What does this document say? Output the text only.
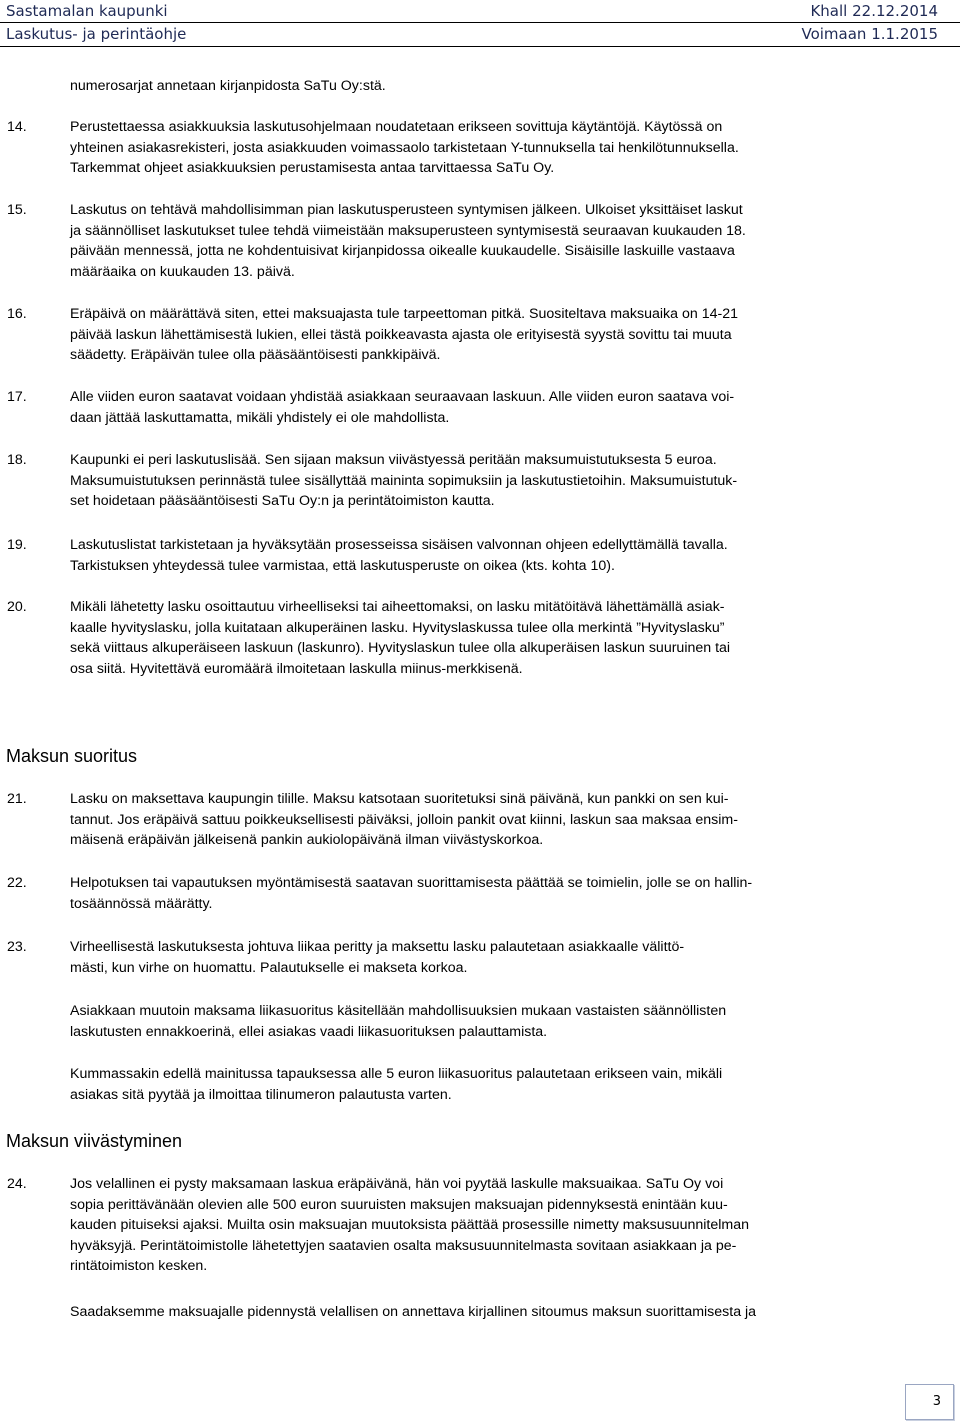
Sastamalan kaupunki
Laskutus- ja perintäohje
Khall 22.12.2014
Voimaan 1.1.2015
numerosarjat annetaan kirjanpidosta SaTu Oy:stä.
14.	Perustettaessa asiakkuuksia laskutusohjelmaan noudatetaan erikseen sovittuja käytäntöjä. Käytössä on
yhteinen asiakasrekisteri, josta asiakkuuden voimassaolo tarkistetaan Y-tunnuksella tai henkilötunnuksella.
Tarkemmat ohjeet asiakkuuksien perustamisesta antaa tarvittaessa SaTu Oy.
15.	Laskutus on tehtävä mahdollisimman pian laskutusperusteen syntymisen jälkeen. Ulkoiset yksittäiset laskut
ja säännölliset laskutukset tulee tehdä viimeistään maksuperusteen syntymisestä seuraavan kuukauden 18.
päivään mennessä, jotta ne kohdentuisivat kirjanpidossa oikealle kuukaudelle. Sisäisille laskuille vastaava
määräaika on kuukauden 13. päivä.
16.	Eräpäivä on määrättävä siten, ettei maksuajasta tule tarpeettoman pitkä. Suositeltava maksuaika on 14-21
päivää laskun lähettämisestä lukien, ellei tästä poikkeavasta ajasta ole erityisestä syystä sovittu tai muuta
säädetty. Eräpäivän tulee olla pääsääntöisesti pankkipäivä.
17.	Alle viiden euron saatavat voidaan yhdistää asiakkaan seuraavaan laskuun. Alle viiden euron saatava voi-
daan jättää laskuttamatta, mikäli yhdistely ei ole mahdollista.
18.	Kaupunki ei peri laskutuslisää. Sen sijaan maksun viivästyessä peritään maksumuistutuksesta 5 euroa.
Maksumuistutuksen perinnästä tulee sisällyttää maininta sopimuksiin ja laskutustietoihin. Maksumuistutuk-
set hoidetaan pääsääntöisesti SaTu Oy:n ja perintätoimiston kautta.
19.	Laskutuslistat tarkistetaan ja hyväksytään prosesseissa sisäisen valvonnan ohjeen edellyttämällä tavalla.
Tarkistuksen yhteydessä tulee varmistaa, että laskutusperuste on oikea (kts. kohta 10).
20.	Mikäli lähetetty lasku osoittautuu virheelliseksi tai aiheettomaksi, on lasku mitätöitävä lähettämällä asiak-
kaalle hyvityslasku, jolla kuitataan alkuperäinen lasku. Hyvityslaskussa tulee olla merkintä ”Hyvityslasku”
sekä viittaus alkuperäiseen laskuun (laskunro). Hyvityslaskun tulee olla alkuperäisen laskun suuruinen tai
osa siitä. Hyvitettävä euromäärä ilmoitetaan laskulla miinus-merkkisenä.
21.	Lasku on maksettava kaupungin tilille. Maksu katsotaan suoritetuksi sinä päivänä, kun pankki on sen kui-
tannut. Jos eräpäivä sattuu poikkeuksellisesti päiväksi, jolloin pankit ovat kiinni, laskun saa maksaa ensim-
mäisenä eräpäivän jälkeisenä pankin aukiolopäivänä ilman viivästyskorkoa.
22.	Helpotuksen tai vapautuksen myöntämisestä saatavan suorittamisesta päättää se toimielin, jolle se on hallin-
tosäännössä määrätty.
23.	Virheellisestä laskutuksesta johtuva liikaa peritty ja maksettu lasku palautetaan asiakkaalle välittö-
mästi, kun virhe on huomattu. Palautukselle ei makseta korkoa.
Asiakkaan muutoin maksama liikasuoritus käsitellään mahdollisuuksien mukaan vastaisten säännöllisten
laskutusten ennakkoerinä, ellei asiakas vaadi liikasuorituksen palauttamista.
Kummassakin edellä mainitussa tapauksessa alle 5 euron liikasuoritus palautetaan erikseen vain, mikäli
asiakas sitä pyytää ja ilmoittaa tilinumeron palautusta varten.
24.	Jos velallinen ei pysty maksamaan laskua eräpäivänä, hän voi pyytää laskulle maksuaikaa. SaTu Oy voi
sopia perittävänään olevien alle 500 euron suuruisten maksujen maksuajan pidennyksestä enintään kuu-
kauden pituiseksi ajaksi. Muilta osin maksuajan muutoksista päättää prosessille nimetty maksusuunnitelman
hyväksyjä. Perintätoimistolle lähetettyjen saatavien osalta maksusuunnitelmasta sovitaan asiakkaan ja pe-
rintätoimiston kesken.
Saadaksemme maksuajalle pidennystä velallisen on annettava kirjallinen sitoumus maksun suorittamisesta ja
Maksun suoritus
Maksun viivästyminen
3
